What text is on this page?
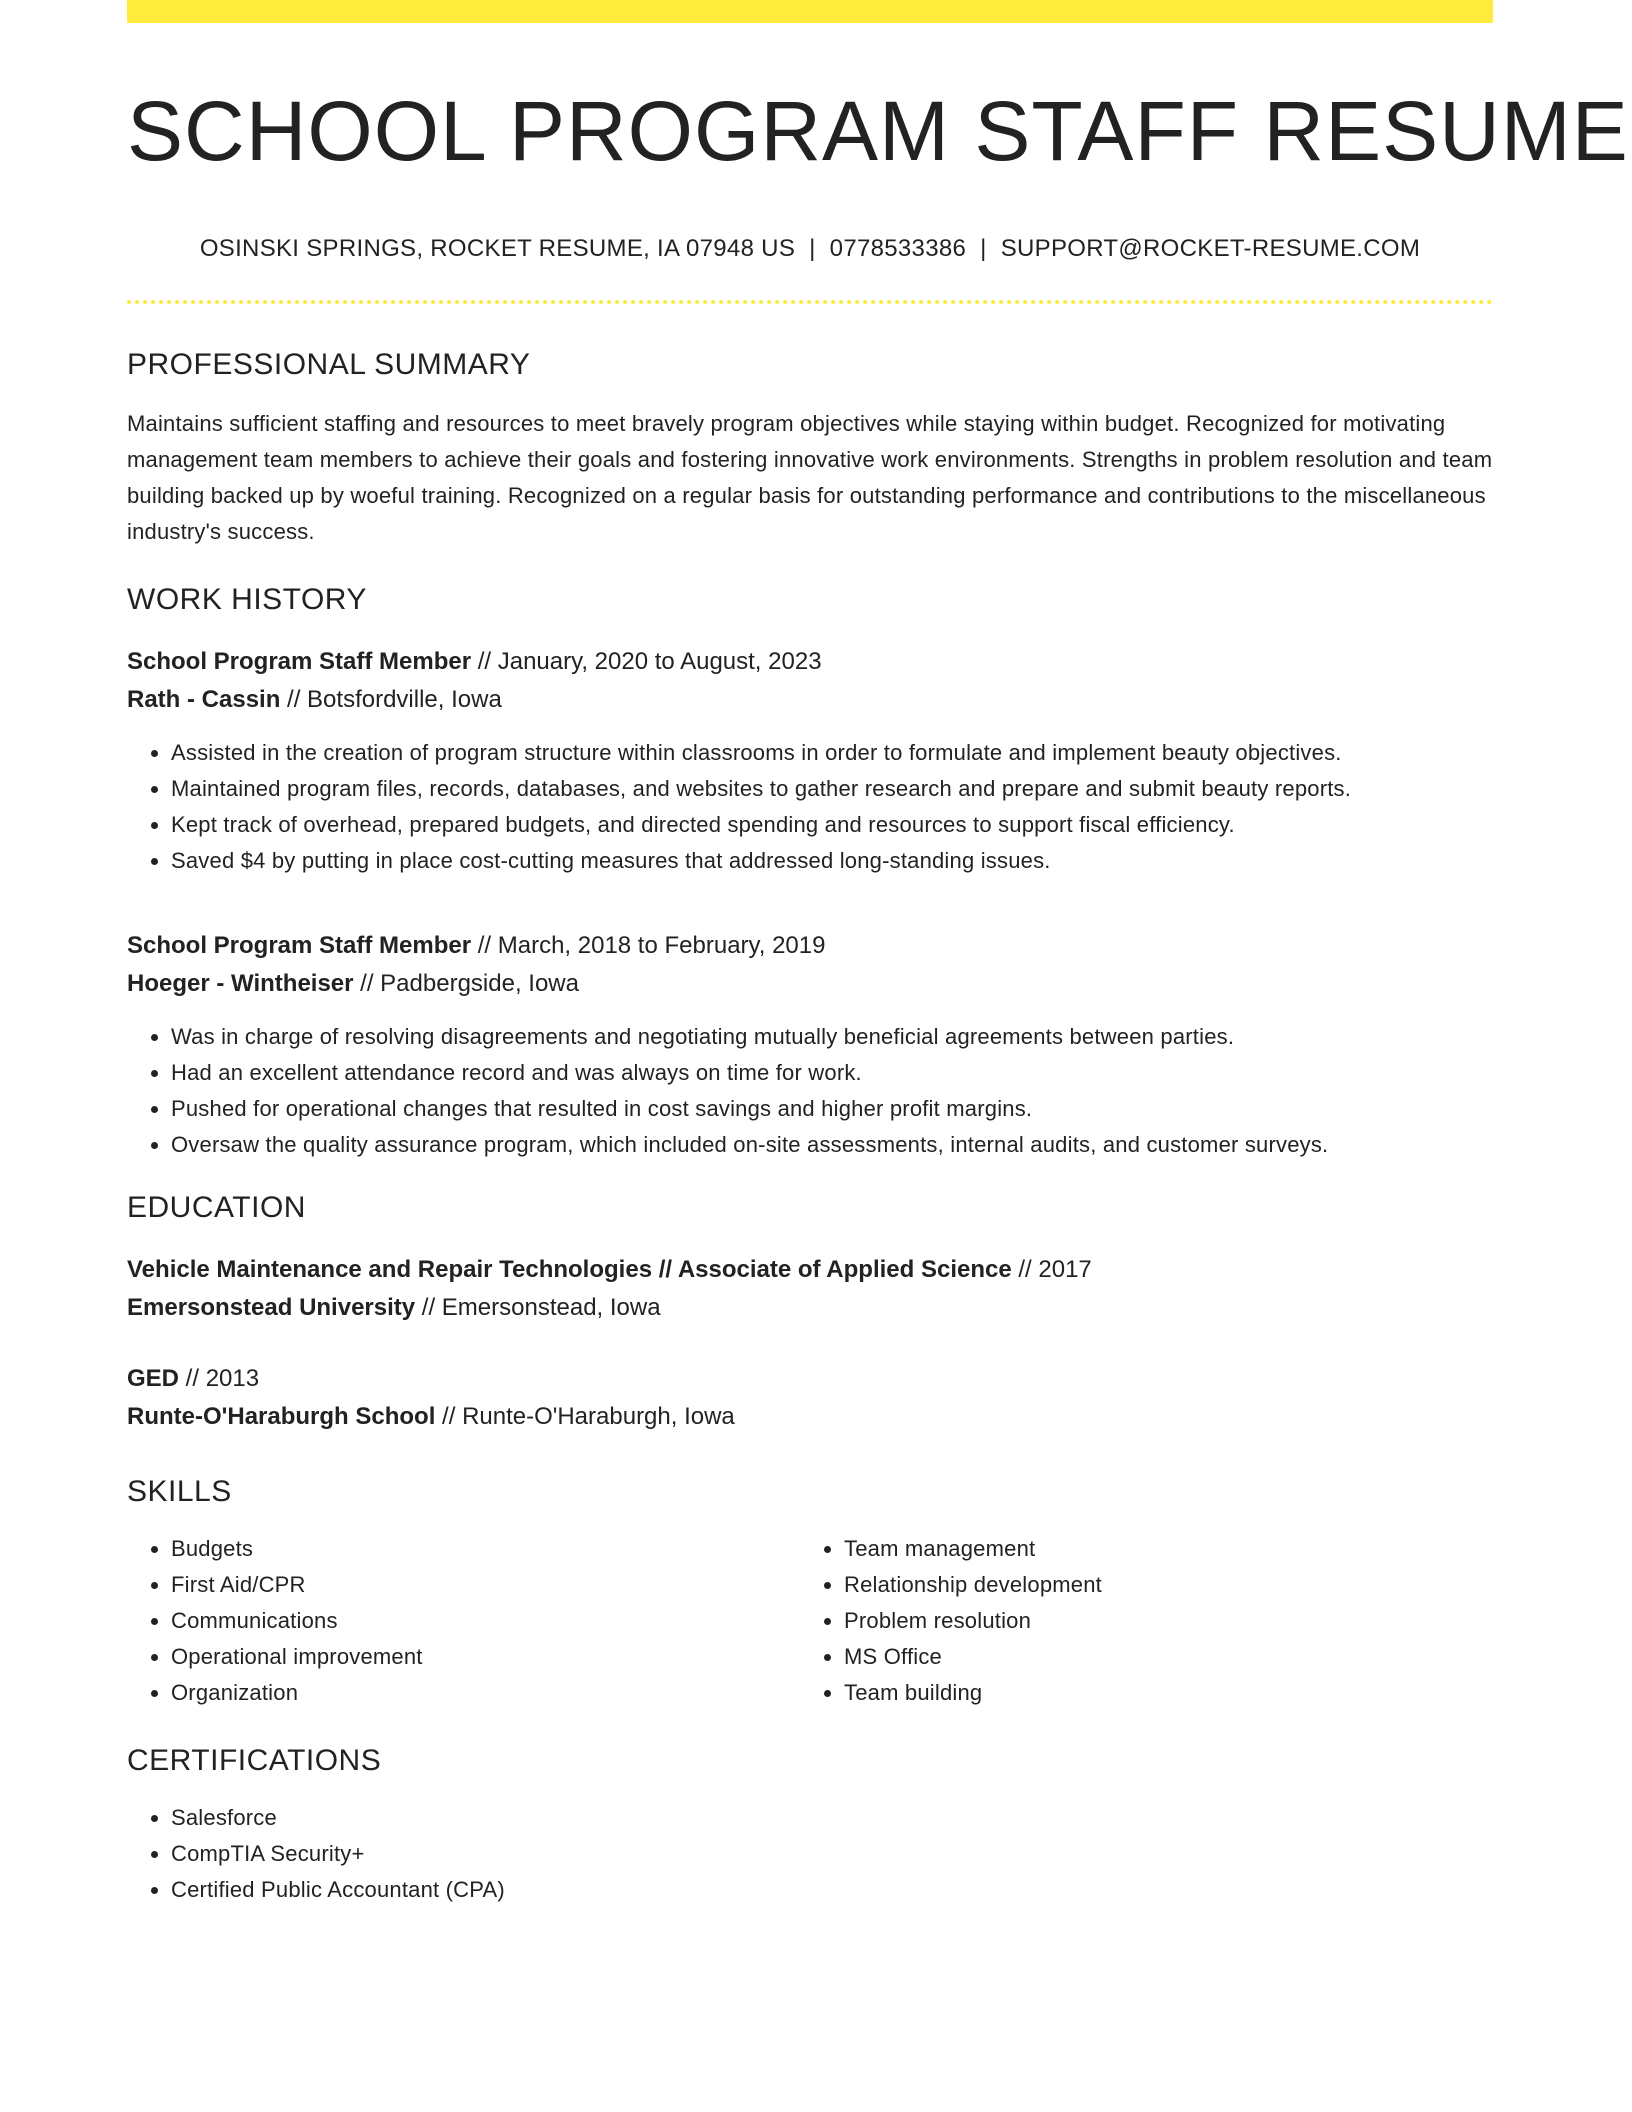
SCHOOL PROGRAM STAFF RESUME
OSINSKI SPRINGS, ROCKET RESUME, IA 07948 US | 0778533386 | SUPPORT@ROCKET-RESUME.COM
PROFESSIONAL SUMMARY

Maintains sufficient staffing and resources to meet bravely program objectives while staying within budget. Recognized for motivating management team members to achieve their goals and fostering innovative work environments. Strengths in problem resolution and team building backed up by woeful training. Recognized on a regular basis for outstanding performance and contributions to the miscellaneous industry's success.

WORK HISTORY
School Program Staff Member // January, 2020 to August, 2023
Rath - Cassin // Botsfordville, Iowa
• Assisted in the creation of program structure within classrooms in order to formulate and implement beauty objectives.
• Maintained program files, records, databases, and websites to gather research and prepare and submit beauty reports.
• Kept track of overhead, prepared budgets, and directed spending and resources to support fiscal efficiency.
• Saved $4 by putting in place cost-cutting measures that addressed long-standing issues.
School Program Staff Member // March, 2018 to February, 2019
Hoeger - Wintheiser // Padbergside, Iowa
• Was in charge of resolving disagreements and negotiating mutually beneficial agreements between parties.
• Had an excellent attendance record and was always on time for work.
• Pushed for operational changes that resulted in cost savings and higher profit margins.
• Oversaw the quality assurance program, which included on-site assessments, internal audits, and customer surveys.
EDUCATION
Vehicle Maintenance and Repair Technologies // Associate of Applied Science // 2017
Emersonstead University // Emersonstead, Iowa
GED // 2013
Runte-O'Haraburgh School // Runte-O'Haraburgh, Iowa
SKILLS
• Budgets
• First Aid/CPR
• Communications
• Operational improvement
• Organization
• Team management
• Relationship development
• Problem resolution
• MS Office
• Team building
CERTIFICATIONS
• Salesforce
• CompTIA Security+
• Certified Public Accountant (CPA)
